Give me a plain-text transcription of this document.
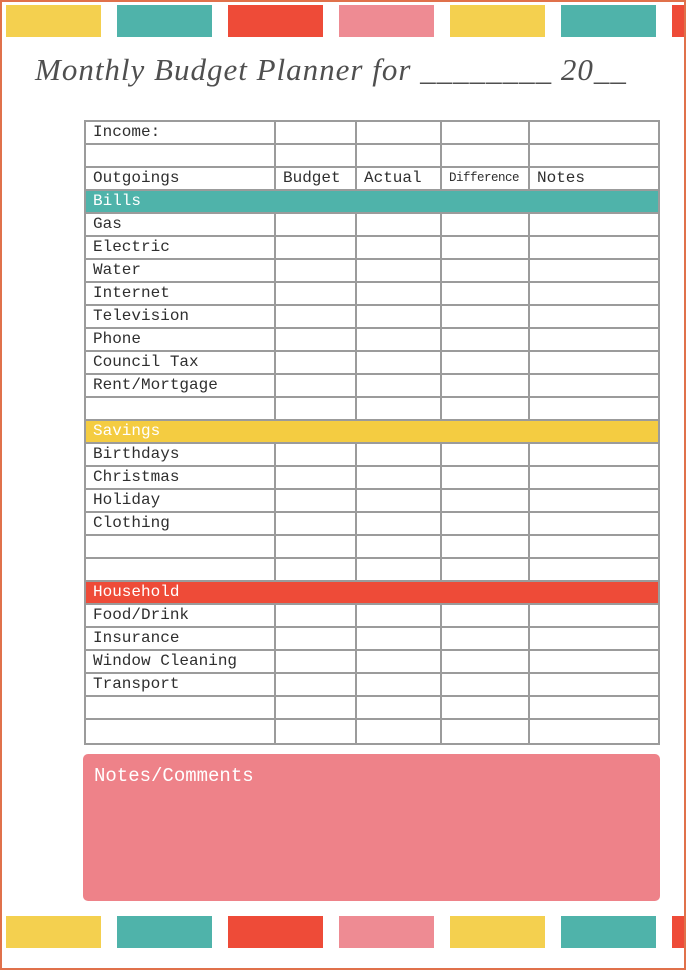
Monthly Budget Planner for ________ 20__
Income:
Outgoings	Budget	Actual	Difference	Notes
Bills
Gas
Electric
Water
Internet
Television
Phone
Council Tax
Rent/Mortgage
Savings
Birthdays
Christmas
Holiday
Clothing
Household
Food/Drink
Insurance
Window Cleaning
Transport
Notes/Comments
